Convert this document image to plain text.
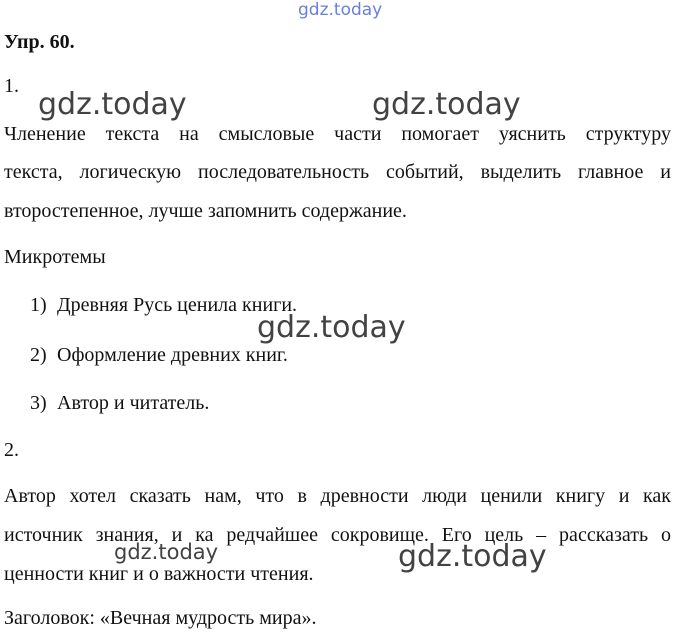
Упр. 60.
1.
Членение текста на смысловые части помогает уяснить структуру
текста, логическую последовательность событий, выделить главное и
второстепенное, лучше запомнить содержание.
Микротемы
1) Древняя Русь ценила книги.
2) Оформление древних книг.
3) Автор и читатель.
2.
Автор хотел сказать нам, что в древности люди ценили книгу и как
источник знания, и ка редчайшее сокровище. Его цель – рассказать о
ценности книг и о важности чтения.
Заголовок: «Вечная мудрость мира».
gdz.today
gdz.today	gdz.today
gdz.today
gdz.today	gdz.today
